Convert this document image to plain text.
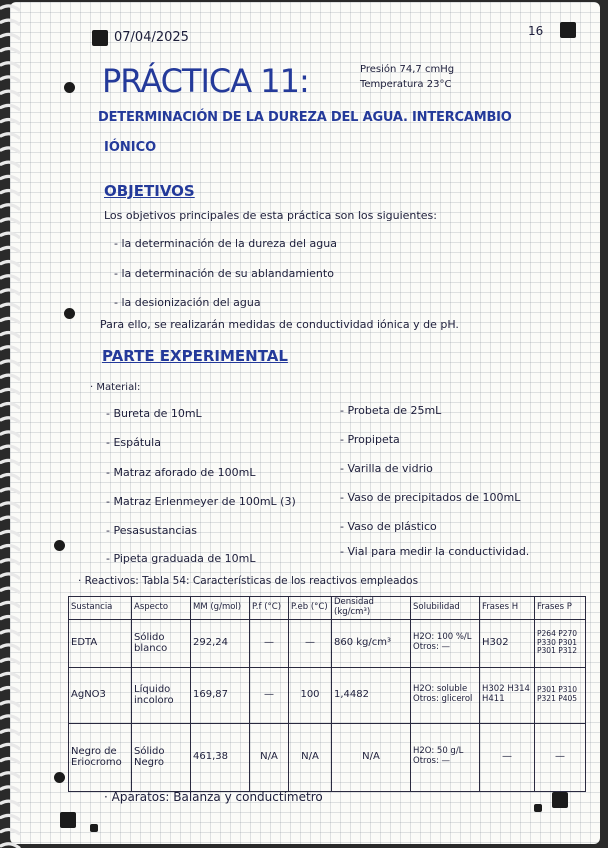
07/04/2025	16
PRÁCTICA 11:	Presión 74,7 cmHg
Temperatura 23°C
DETERMINACIÓN DE LA DUREZA DEL AGUA. INTERCAMBIO
IÓNICO
OBJETIVOS
Los objetivos principales de esta práctica son los siguientes:
- la determinación de la dureza del agua
- la determinación de su ablandamiento
- la desionización del agua
Para ello, se realizarán medidas de conductividad iónica y de pH.
PARTE EXPERIMENTAL
· Material:
- Bureta de 10mL
- Espátula
- Matraz aforado de 100mL
- Matraz Erlenmeyer de 100mL (3)
- Pesasustancias
- Pipeta graduada de 10mL
- Probeta de 25mL
- Propipeta
- Varilla de vidrio
- Vaso de precipitados de 100mL
- Vaso de plástico
- Vial para medir la conductividad.
· Reactivos: Tabla 54: Características de los reactivos empleados
Sustancia	Aspecto	MM (g/mol)	P.f (°C)	P.eb (°C)	Densidad (kg/cm³)	Solubilidad	Frases H	Frases P
EDTA	Sólido blanco	292,24	—	—	860 kg/cm³	H2O: 100 %/L Otros: —	H302	P264 P270 P330 P301 P301 P312
AgNO3	Líquido incoloro	169,87	—	100	1,4482	H2O: soluble Otros: glicerol	H302 H314 H411	P301 P310 P321 P405
Negro de Eriocromo	Sólido Negro	461,38	N/A	N/A	N/A	H2O: 50 g/L Otros: —	—	—
· Aparatos: Balanza y conductímetro
